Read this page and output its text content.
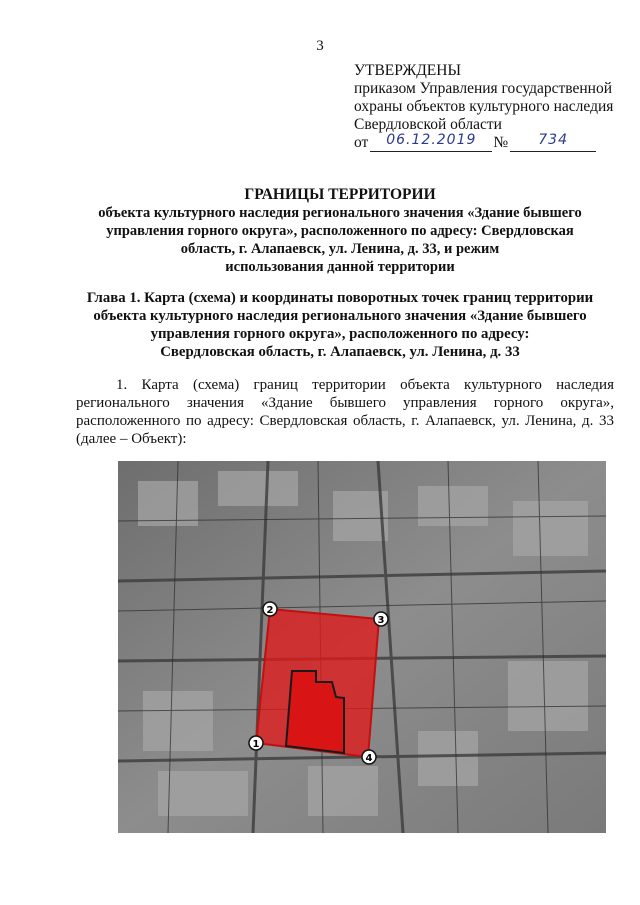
3
УТВЕРЖДЕНЫ
приказом Управления государственной
охраны объектов культурного наследия
Свердловской области
от	06.12.2019	№	734
ГРАНИЦЫ ТЕРРИТОРИИ
объекта культурного наследия регионального значения «Здание бывшего
управления горного округа», расположенного по адресу: Свердловская
область, г. Алапаевск, ул. Ленина, д. 33, и режим
использования данной территории
Глава 1. Карта (схема) и координаты поворотных точек границ территории
объекта культурного наследия регионального значения «Здание бывшего
управления горного округа», расположенного по адресу:
Свердловская область, г. Алапаевск, ул. Ленина, д. 33
1. Карта (схема) границ территории объекта культурного наследия регионального значения «Здание бывшего управления горного округа», расположенного по адресу: Свердловская область, г. Алапаевск, ул. Ленина, д. 33 (далее – Объект):
1
2
3
4
